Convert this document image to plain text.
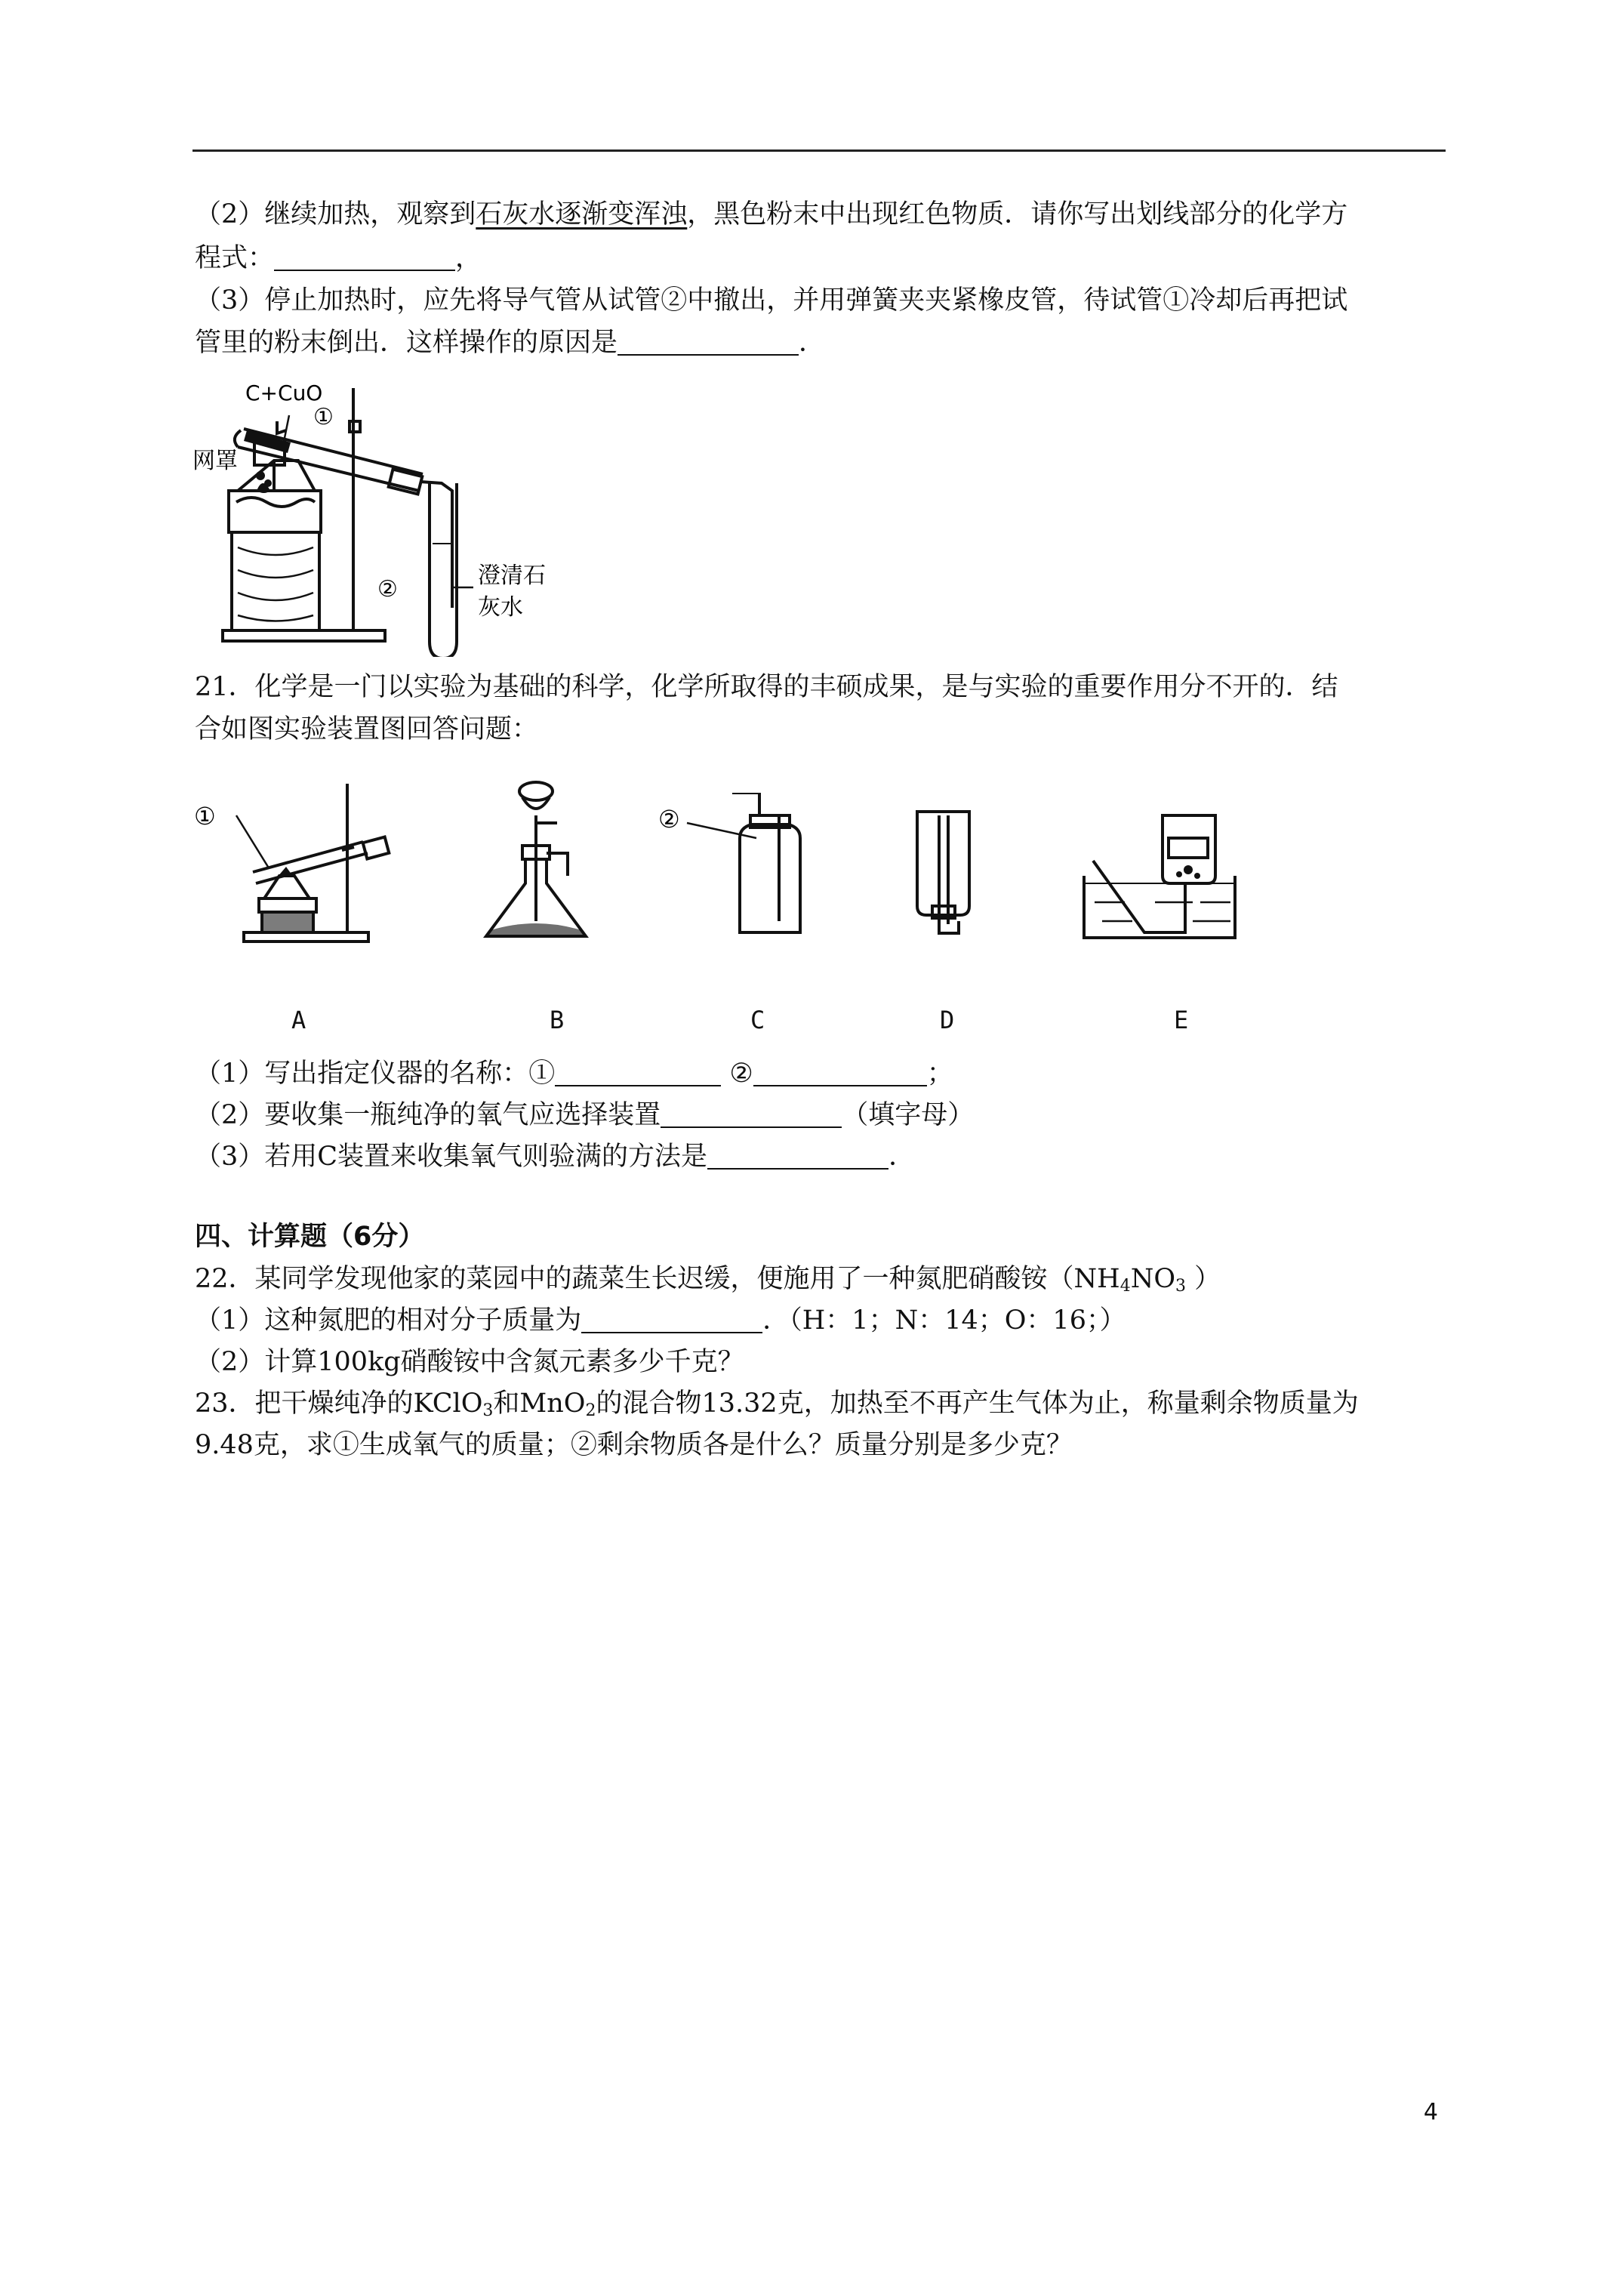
（2）继续加热，观察到石灰水逐渐变浑浊，黑色粉末中出现红色物质．请你写出划线部分的化学方
程式：	，
（3）停止加热时，应先将导气管从试管②中撤出，并用弹簧夹夹紧橡皮管，待试管①冷却后再把试
管里的粉末倒出．这样操作的原因是	．
C+CuO
①
网罩
②
澄清石
灰水
21．化学是一门以实验为基础的科学，化学所取得的丰硕成果，是与实验的重要作用分不开的．结
合如图实验装置图回答问题：
①	②
A	B	C	D	E
（1）写出指定仪器的名称：①	②	；
（2）要收集一瓶纯净的氧气应选择装置	（填字母）
（3）若用C装置来收集氧气则验满的方法是	．
四、计算题（6分）
22．某同学发现他家的菜园中的蔬菜生长迟缓，便施用了一种氮肥硝酸铵（$NH_4NO_3$ ）
（1）这种氮肥的相对分子质量为	．（H：1；N：14；O：16；）
（2）计算100kg硝酸铵中含氮元素多少千克？
23．把干燥纯净的KClO$_3$和MnO$_2$的混合物13.32克，加热至不再产生气体为止，称量剩余物质量为
9.48克，求①生成氧气的质量；②剩余物质各是什么？质量分别是多少克？
4
